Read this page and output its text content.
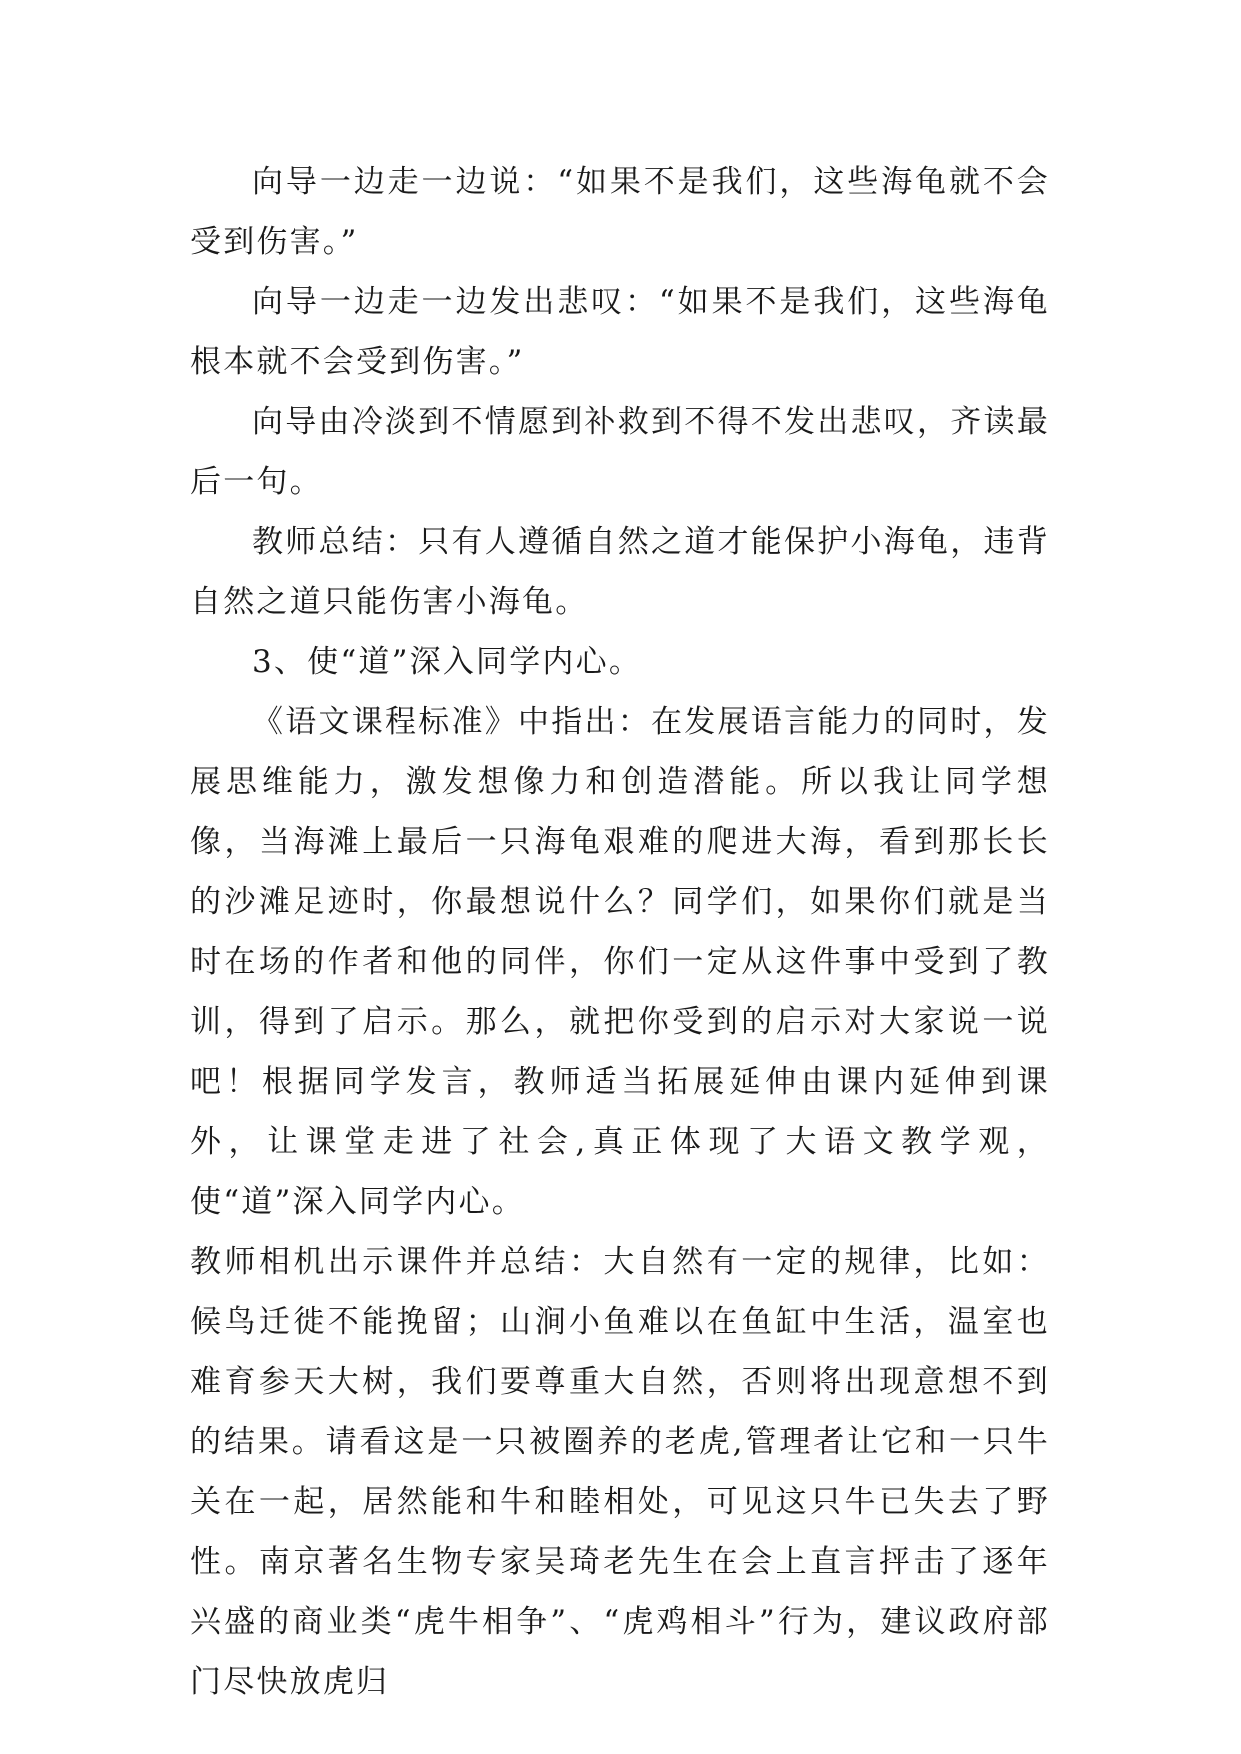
向导一边走一边说：“如果不是我们，这些海龟就不会受到伤害。”

向导一边走一边发出悲叹：“如果不是我们，这些海龟根本就不会受到伤害。”

向导由冷淡到不情愿到补救到不得不发出悲叹，齐读最后一句。

教师总结：只有人遵循自然之道才能保护小海龟，违背自然之道只能伤害小海龟。

3、使“道”深入同学内心。

《语文课程标准》中指出：在发展语言能力的同时，发展思维能力，激发想像力和创造潜能。所以我让同学想像，当海滩上最后一只海龟艰难的爬进大海，看到那长长的沙滩足迹时，你最想说什么？同学们，如果你们就是当时在场的作者和他的同伴，你们一定从这件事中受到了教训，得到了启示。那么，就把你受到的启示对大家说一说吧！根据同学发言，教师适当拓展延伸由课内延伸到课外，让课堂走进了社会,真正体现了大语文教学观，使“道”深入同学内心。

教师相机出示课件并总结：大自然有一定的规律，比如：候鸟迁徙不能挽留；山涧小鱼难以在鱼缸中生活，温室也难育参天大树，我们要尊重大自然，否则将出现意想不到的结果。请看这是一只被圈养的老虎,管理者让它和一只牛关在一起，居然能和牛和睦相处，可见这只牛已失去了野性。南京著名生物专家吴琦老先生在会上直言抨击了逐年兴盛的商业类“虎牛相争”、“虎鸡相斗”行为，建议政府部门尽快放虎归
